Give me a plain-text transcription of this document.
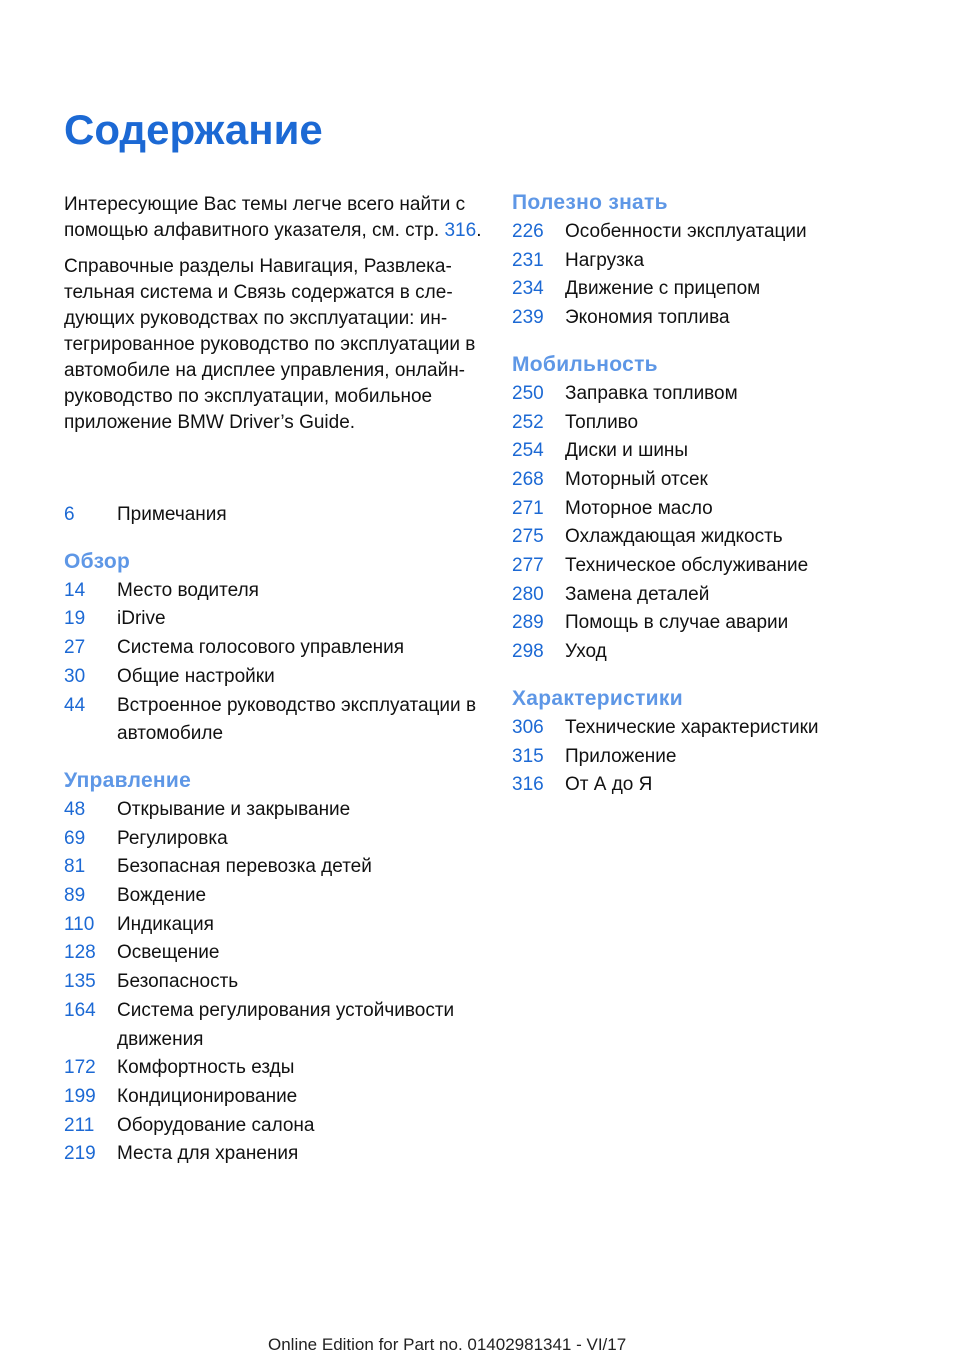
Содержание

Интересующие Вас темы легче всего найти с помощью алфавитного указателя, см. стр. 316.

Справочные разделы Навигация, Развлекательная система и Связь содержатся в следующих руководствах по эксплуатации: интегрированное руководство по эксплуатации в автомобиле на дисплее управления, онлайн-руководство по эксплуатации, мобильное приложение BMW Driver’s Guide.

6	Примечания
Обзор
14	Место водителя
19	iDrive
27	Система голосового управления
30	Общие настройки
44	Встроенное руководство эксплуатации в автомобиле
Управление
48	Открывание и закрывание
69	Регулировка
81	Безопасная перевозка детей
89	Вождение
110	Индикация
128	Освещение
135	Безопасность
164	Система регулирования устойчивости движения
172	Комфортность езды
199	Кондиционирование
211	Оборудование салона
219	Места для хранения
Полезно знать
226	Особенности эксплуатации
231	Нагрузка
234	Движение с прицепом
239	Экономия топлива
Мобильность
250	Заправка топливом
252	Топливо
254	Диски и шины
268	Моторный отсек
271	Моторное масло
275	Охлаждающая жидкость
277	Техническое обслуживание
280	Замена деталей
289	Помощь в случае аварии
298	Уход
Характеристики
306	Технические характеристики
315	Приложение
316	От А до Я
Online Edition for Part no. 01402981341 - VI/17
